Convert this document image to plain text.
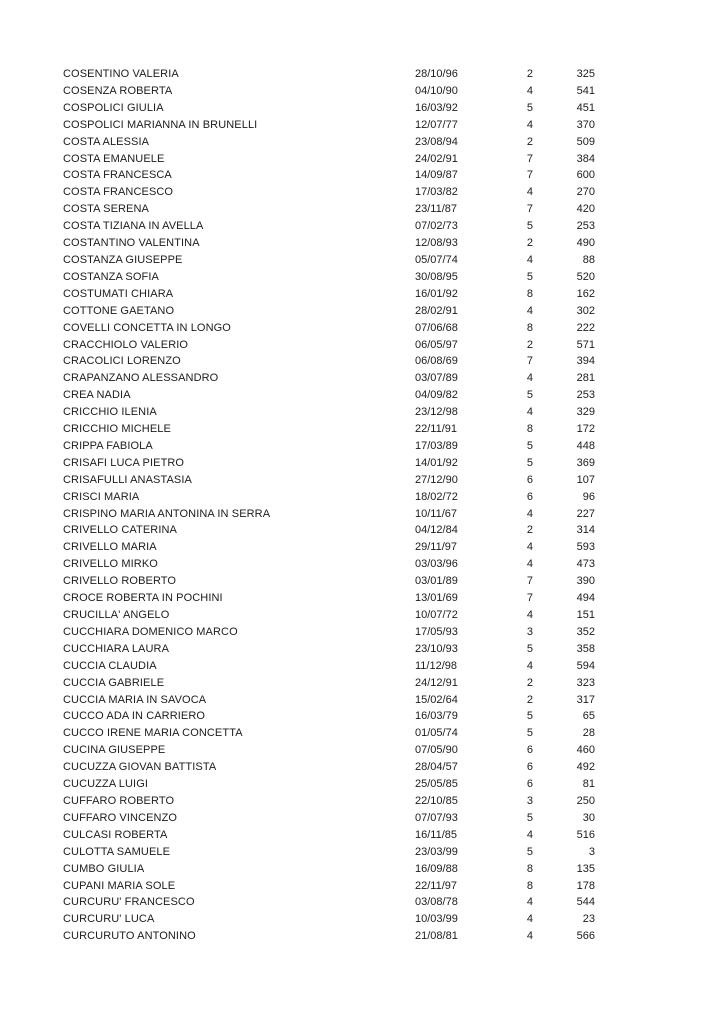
COSENTINO VALERIA	28/10/96	2	325
COSENZA ROBERTA	04/10/90	4	541
COSPOLICI GIULIA	16/03/92	5	451
COSPOLICI MARIANNA IN BRUNELLI	12/07/77	4	370
COSTA ALESSIA	23/08/94	2	509
COSTA EMANUELE	24/02/91	7	384
COSTA FRANCESCA	14/09/87	7	600
COSTA FRANCESCO	17/03/82	4	270
COSTA SERENA	23/11/87	7	420
COSTA TIZIANA IN AVELLA	07/02/73	5	253
COSTANTINO VALENTINA	12/08/93	2	490
COSTANZA GIUSEPPE	05/07/74	4	88
COSTANZA SOFIA	30/08/95	5	520
COSTUMATI CHIARA	16/01/92	8	162
COTTONE GAETANO	28/02/91	4	302
COVELLI CONCETTA IN LONGO	07/06/68	8	222
CRACCHIOLO VALERIO	06/05/97	2	571
CRACOLICI LORENZO	06/08/69	7	394
CRAPANZANO ALESSANDRO	03/07/89	4	281
CREA NADIA	04/09/82	5	253
CRICCHIO ILENIA	23/12/98	4	329
CRICCHIO MICHELE	22/11/91	8	172
CRIPPA FABIOLA	17/03/89	5	448
CRISAFI LUCA PIETRO	14/01/92	5	369
CRISAFULLI ANASTASIA	27/12/90	6	107
CRISCI MARIA	18/02/72	6	96
CRISPINO MARIA ANTONINA IN SERRA	10/11/67	4	227
CRIVELLO CATERINA	04/12/84	2	314
CRIVELLO MARIA	29/11/97	4	593
CRIVELLO MIRKO	03/03/96	4	473
CRIVELLO ROBERTO	03/01/89	7	390
CROCE ROBERTA IN POCHINI	13/01/69	7	494
CRUCILLA' ANGELO	10/07/72	4	151
CUCCHIARA DOMENICO MARCO	17/05/93	3	352
CUCCHIARA LAURA	23/10/93	5	358
CUCCIA CLAUDIA	11/12/98	4	594
CUCCIA GABRIELE	24/12/91	2	323
CUCCIA MARIA IN SAVOCA	15/02/64	2	317
CUCCO ADA IN CARRIERO	16/03/79	5	65
CUCCO IRENE MARIA CONCETTA	01/05/74	5	28
CUCINA GIUSEPPE	07/05/90	6	460
CUCUZZA GIOVAN BATTISTA	28/04/57	6	492
CUCUZZA LUIGI	25/05/85	6	81
CUFFARO ROBERTO	22/10/85	3	250
CUFFARO VINCENZO	07/07/93	5	30
CULCASI ROBERTA	16/11/85	4	516
CULOTTA SAMUELE	23/03/99	5	3
CUMBO GIULIA	16/09/88	8	135
CUPANI MARIA SOLE	22/11/97	8	178
CURCURU' FRANCESCO	03/08/78	4	544
CURCURU' LUCA	10/03/99	4	23
CURCURUTO ANTONINO	21/08/81	4	566
